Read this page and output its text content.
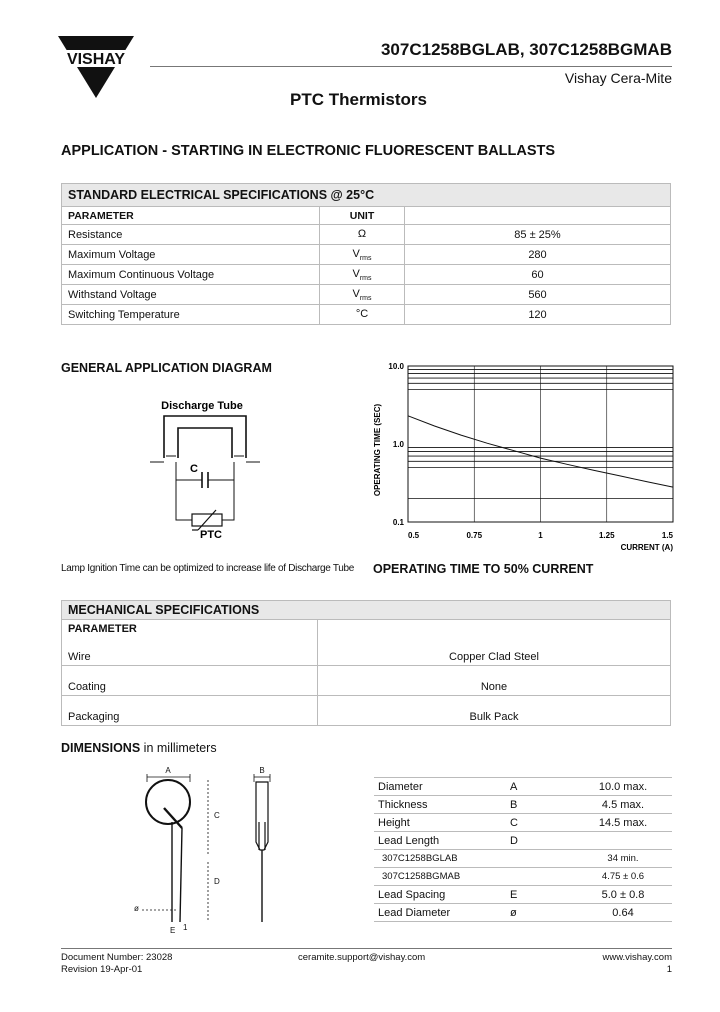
VISHAY
307C1258BGLAB, 307C1258BGMAB
Vishay Cera-Mite
PTC Thermistors
APPLICATION - STARTING IN ELECTRONIC FLUORESCENT BALLASTS
STANDARD ELECTRICAL SPECIFICATIONS @ 25°C		
PARAMETER	UNIT	
Resistance	Ω	85 ± 25%
Maximum Voltage	$V_{rms}$	280
Maximum Continuous Voltage	$V_{rms}$	60
Withstand Voltage	$V_{rms}$	560
Switching Temperature	°C	120
GENERAL APPLICATION DIAGRAM
Discharge Tube
C
PTC
Lamp Ignition Time can be optimized to increase life of Discharge Tube
10.0
1.0
0.1
0.5	0.75	1	1.25	1.5
CURRENT (A)
OPERATING TIME (SEC)
OPERATING TIME TO 50% CURRENT
MECHANICAL SPECIFICATIONS	

PARAMETER
Wire	Copper Clad Steel
Coating	None
Packaging	Bulk Pack
DIMENSIONS in millimeters
A	B
C
D
ø
E 1
Diameter	A	10.0 max.
Thickness	B	4.5 max.
Height	C	14.5 max.
Lead Length	D	
307C1258BGLAB		34 min.
307C1258BGMAB		4.75 ± 0.6
Lead Spacing	E	5.0 ± 0.8
Lead Diameter	ø	0.64
Document Number: 23028
Revision 19-Apr-01
ceramite.support@vishay.com	www.vishay.com
1
